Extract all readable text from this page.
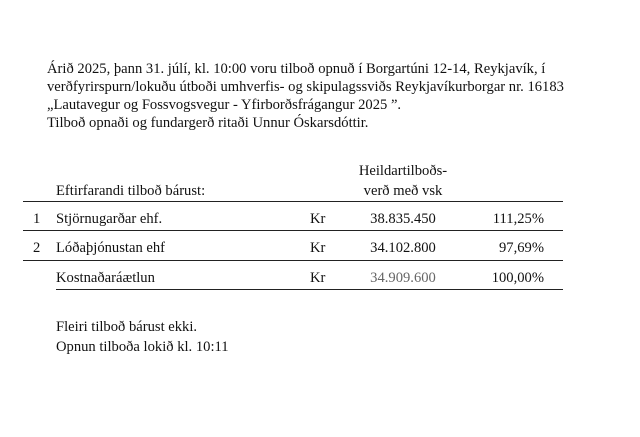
Árið 2025, þann 31. júlí, kl. 10:00 voru tilboð opnuð í Borgartúni 12-14, Reykjavík, í
verðfyrirspurn/lokuðu útboði umhverfis- og skipulagssviðs Reykjavíkurborgar nr. 16183
„Lautavegur og Fossvogsvegur - Yfirborðsfrágangur 2025 ”.
Tilboð opnaði og fundargerð ritaði Unnur Óskarsdóttir.
Heildartilboðs-
verð með vsk
Eftirfarandi tilboð bárust:
1 Stjörnugarðar ehf.	Kr	38.835.450	111,25%
2 Lóðaþjónustan ehf	Kr	34.102.800	97,69%
Kostnaðaráætlun	Kr	34.909.600	100,00%
Fleiri tilboð bárust ekki.
Opnun tilboða lokið kl. 10:11
